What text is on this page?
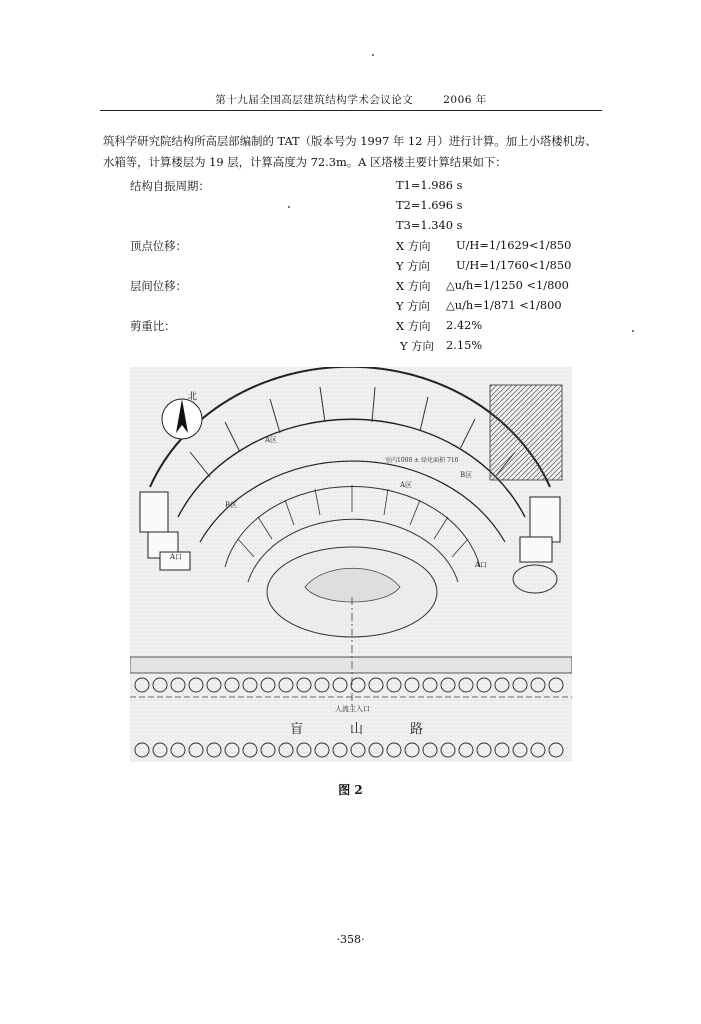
第十九届全国高层建筑结构学术会议论文	2006 年
筑科学研究院结构所高层部编制的 TAT（版本号为 1997 年 12 月）进行计算。加上小塔楼机房、水箱等，计算楼层为 19 层，计算高度为 72.3m。A 区塔楼主要计算结果如下：
结构自振周期：	T1=1.986 s
T2=1.696 s
T3=1.340 s
顶点位移：	X 方向 U/H=1/1629<1/850
Y 方向 U/H=1/1760<1/850
层间位移：	X 方向 △u/h=1/1250 <1/800
Y 方向 △u/h=1/871 <1/800
剪重比：	X 方向 2.42%
Y 方向 2.15%
北
A区
B区
A区
B区
室内1000 ± 绿化面积 710
A口
A口
人流主入口
盲	山	路
图 2
·358·
